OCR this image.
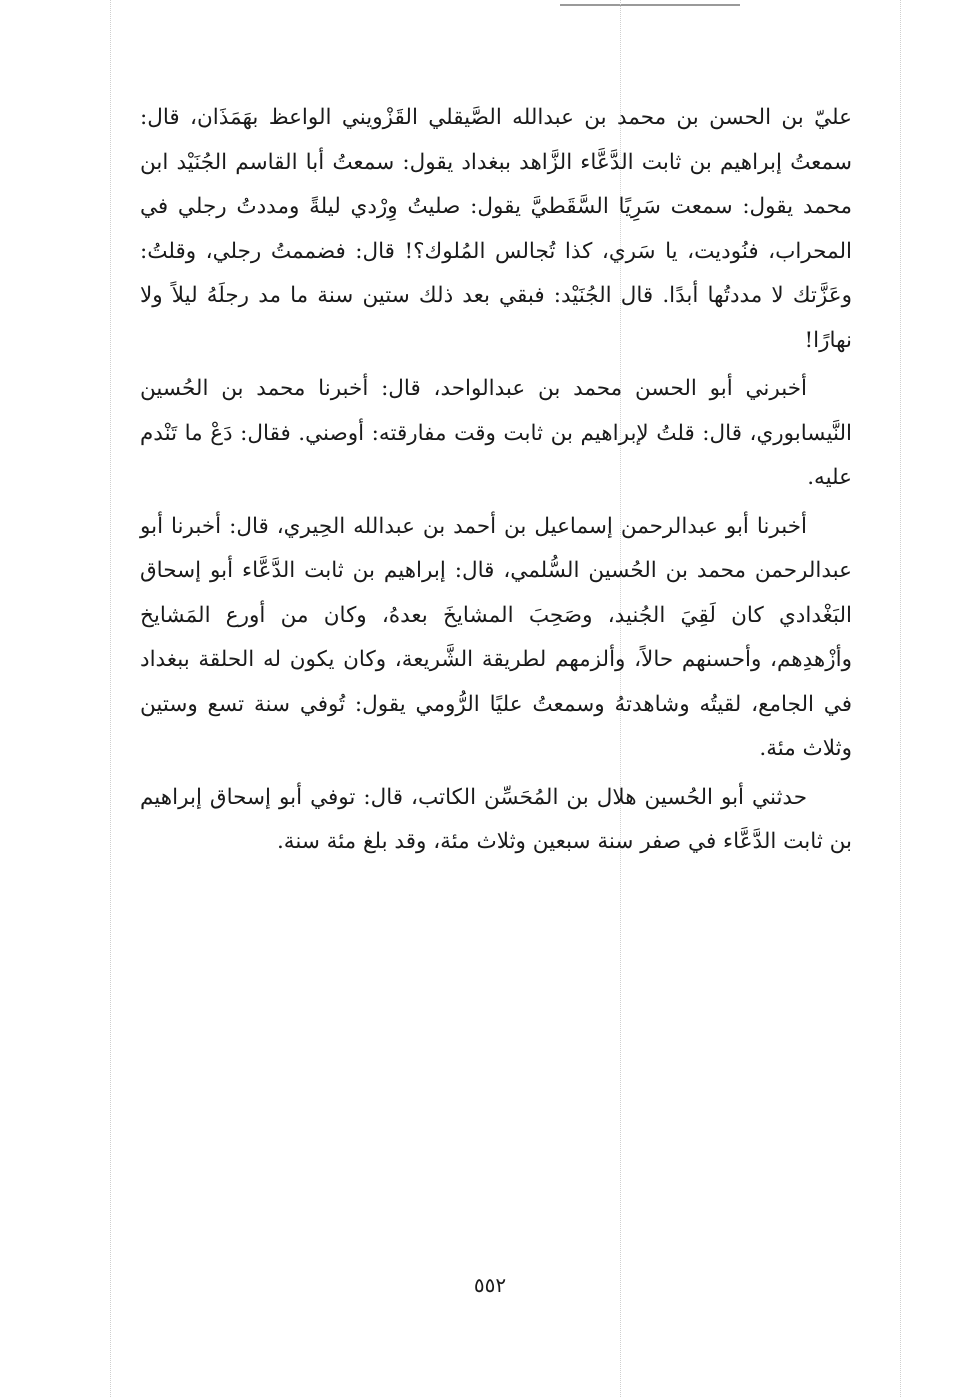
عليّ بن الحسن بن محمد بن عبدالله الصَّيقلي القَزْويني الواعظ بهَمَذَان، قال: سمعتُ إبراهيم بن ثابت الدَّعَّاء الزَّاهد ببغداد يقول: سمعتُ أبا القاسم الجُنَيْد ابن محمد يقول: سمعت سَرِيًا السَّقَطيَّ يقول: صليتُ وِرْدي ليلةً ومددتُ رجلي في المحراب، فنُوديت، يا سَري، كذا تُجالس المُلوك؟! قال: فضممتُ رجلي، وقلتُ: وعَزَّتك لا مددتُها أبدًا. قال الجُنَيْد: فبقي بعد ذلك ستين سنة ما مد رجلَهُ ليلاً ولا نهارًا!

أخبرني أبو الحسن محمد بن عبدالواحد، قال: أخبرنا محمد بن الحُسين النَّيسابوري، قال: قلتُ لإبراهيم بن ثابت وقت مفارقته: أوصني. فقال: دَعْ ما تَنْدم عليه.

أخبرنا أبو عبدالرحمن إسماعيل بن أحمد بن عبدالله الحِيري، قال: أخبرنا أبو عبدالرحمن محمد بن الحُسين السُّلمي، قال: إبراهيم بن ثابت الدَّعَّاء أبو إسحاق البَغْدادي كان لَقِيَ الجُنيد، وصَحِبَ المشايخَ بعدهُ، وكان من أورع المَشايخ وأزْهدِهم، وأحسنهم حالاً، وألزمهم لطريقة الشَّريعة، وكان يكون له الحلقة ببغداد في الجامع، لقيتُه وشاهدتهُ وسمعتُ عليًا الرُّومي يقول: تُوفي سنة تسع وستين وثلاث مئة.

حدثني أبو الحُسين هلال بن المُحَسِّن الكاتب، قال: توفي أبو إسحاق إبراهيم بن ثابت الدَّعَّاء في صفر سنة سبعين وثلاث مئة، وقد بلغ مئة سنة.

٥٥٢
